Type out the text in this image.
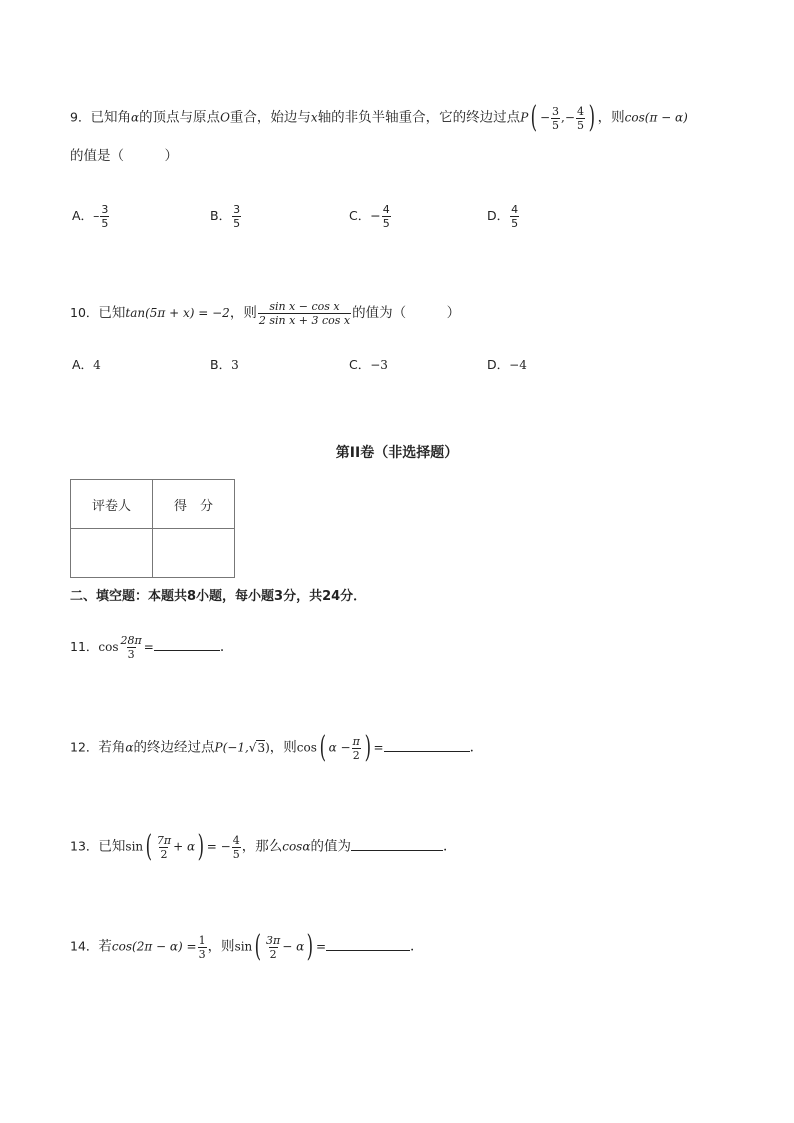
9．已知角α的顶点与原点O重合，始边与x轴的非负半轴重合，它的终边过点$P( - \frac{3}{5}$ ,− $\frac{4}{5}$ ) ，则cos(π − α)
的值是（　　　）
A．– $\frac{3}{5}$	B． $\frac{3}{5}$	C．− $\frac{4}{5}$	D． $\frac{4}{5}$
10．已知tan(5π + x) = −2，则 $\frac{\text{sin x − cos x}}{\text{2 sin x + 3 cos x}}$ 的值为（　　　）
A．4	B．3	C．−3	D．−4
第II卷（非选择题）
评卷人	得　分

二、填空题：本题共8小题，每小题3分，共24分．
11．$\cos \frac{28\pi}{3}$ =	.
12．若角α的终边经过点P(−1,√3)，则cos( $\alpha - \frac{\pi}{2}$ ) =	.
13．已知$\sin( \frac{7\pi}{2} + \alpha)$ = − $\frac{4}{5}$ ，那么cosα的值为	.
14．若$\cos(2\pi - \alpha) = \frac{1}{3}$ ，则$\sin( \frac{3\pi}{2} - \alpha)$ =	.
